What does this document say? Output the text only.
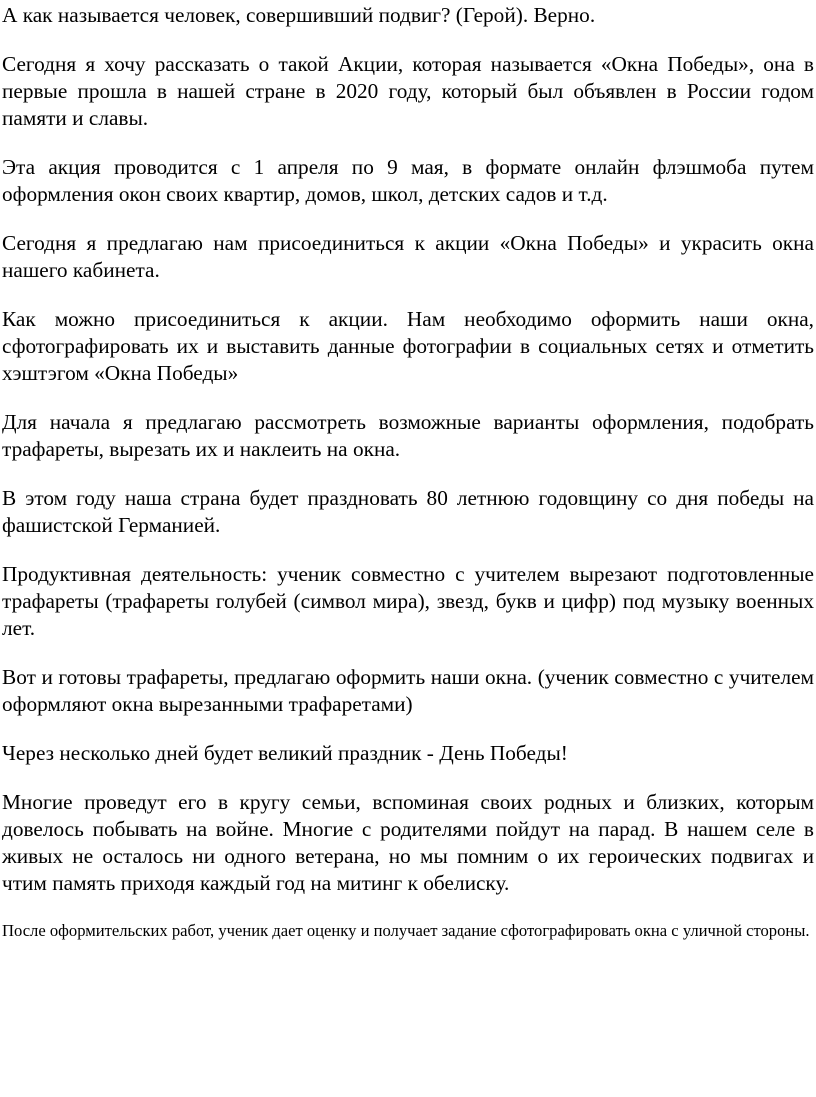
А как называется человек, совершивший подвиг? (Герой). Верно.

Сегодня я хочу рассказать о такой Акции, которая называется «Окна Победы», она в первые прошла в нашей стране в 2020 году, который был объявлен в России годом памяти и славы.

Эта акция проводится с 1 апреля по 9 мая, в формате онлайн флэшмоба путем оформления окон своих квартир, домов, школ, детских садов и т.д.

Сегодня я предлагаю нам присоединиться к акции «Окна Победы» и украсить окна нашего кабинета.

Как можно присоединиться к акции. Нам необходимо оформить наши окна, сфотографировать их и выставить данные фотографии в социальных сетях и отметить хэштэгом «Окна Победы»

Для начала я предлагаю рассмотреть возможные варианты оформления, подобрать трафареты, вырезать их и наклеить на окна.

В этом году наша страна будет праздновать 80 летнюю годовщину со дня победы на фашистской Германией.

Продуктивная деятельность: ученик совместно с учителем вырезают подготовленные трафареты (трафареты голубей (символ мира), звезд, букв и цифр) под музыку военных лет.

Вот и готовы трафареты, предлагаю оформить наши окна. (ученик совместно с учителем оформляют окна вырезанными трафаретами)

Через несколько дней будет великий праздник - День Победы!

Многие проведут его в кругу семьи, вспоминая своих родных и близких, которым довелось побывать на войне. Многие с родителями пойдут на парад. В нашем селе в живых не осталось ни одного ветерана, но мы помним о их героических подвигах и чтим память приходя каждый год на митинг к обелиску.

После оформительских работ, ученик дает оценку и получает задание сфотографировать окна с уличной стороны.
